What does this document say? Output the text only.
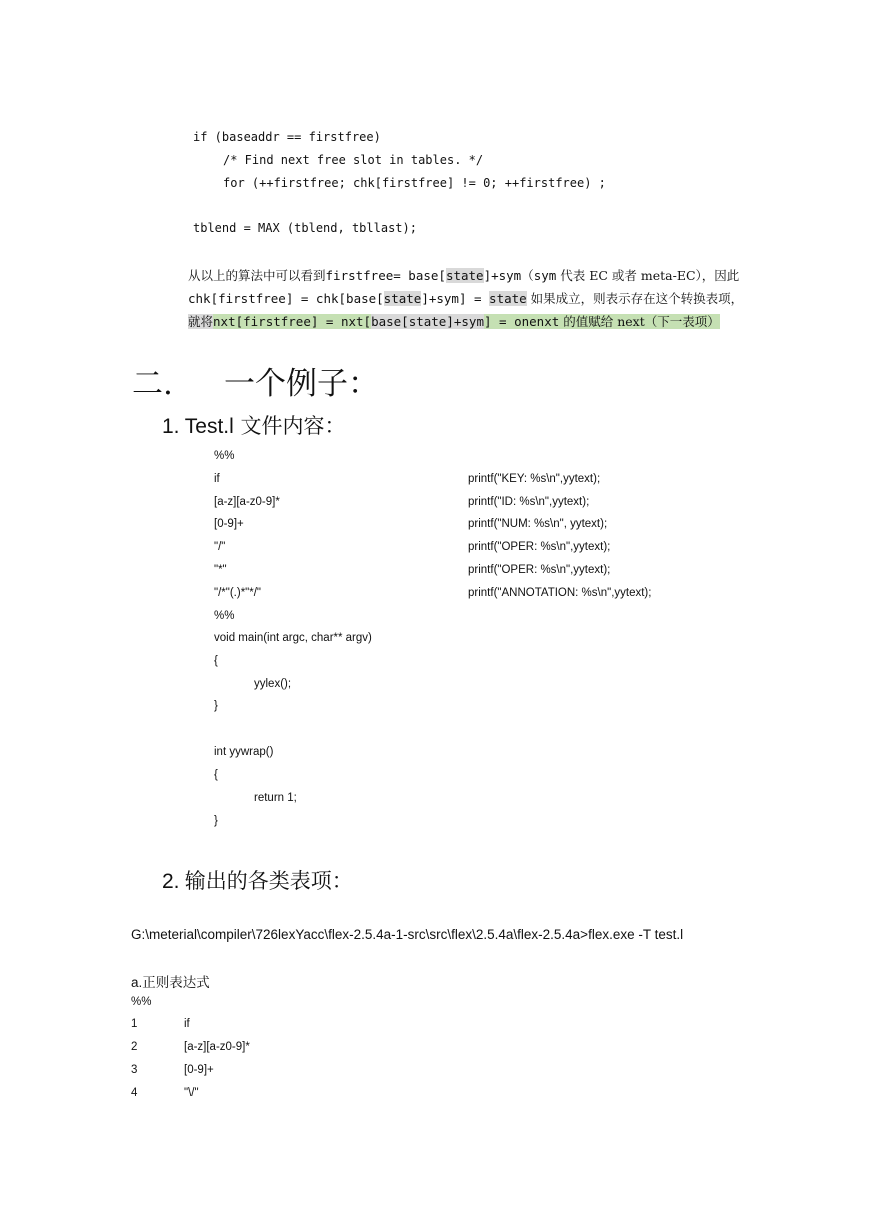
if (baseaddr == firstfree)
/* Find next free slot in tables. */
for (++firstfree; chk[firstfree] != 0; ++firstfree) ;
tblend = MAX (tblend, tbllast);
从以上的算法中可以看到firstfree= base[state]+sym（sym 代表 EC 或者 meta-EC），因此
chk[firstfree] = chk[base[state]+sym] = state 如果成立，则表示存在这个转换表项，
就将nxt[firstfree] = nxt[base[state]+sym] = onenxt 的值赋给 next（下一表项）
二. 一个例子：
1. Test.l 文件内容：
%%
if	printf("KEY: %s\n",yytext);
[a-z][a-z0-9]*	printf("ID: %s\n",yytext);
[0-9]+	printf("NUM: %s\n", yytext);
"/"	printf("OPER: %s\n",yytext);
"*"	printf("OPER: %s\n",yytext);
"/*"(.)*"*/"	printf("ANNOTATION: %s\n",yytext);
%%
void main(int argc, char** argv)
{
yylex();
}
int yywrap()
{
return 1;
}
2. 输出的各类表项：
G:\meterial\compiler\726lexYacc\flex-2.5.4a-1-src\src\flex\2.5.4a\flex-2.5.4a>flex.exe -T test.l
a.正则表达式
%%
1	if
2	[a-z][a-z0-9]*
3	[0-9]+
4	"\/"
